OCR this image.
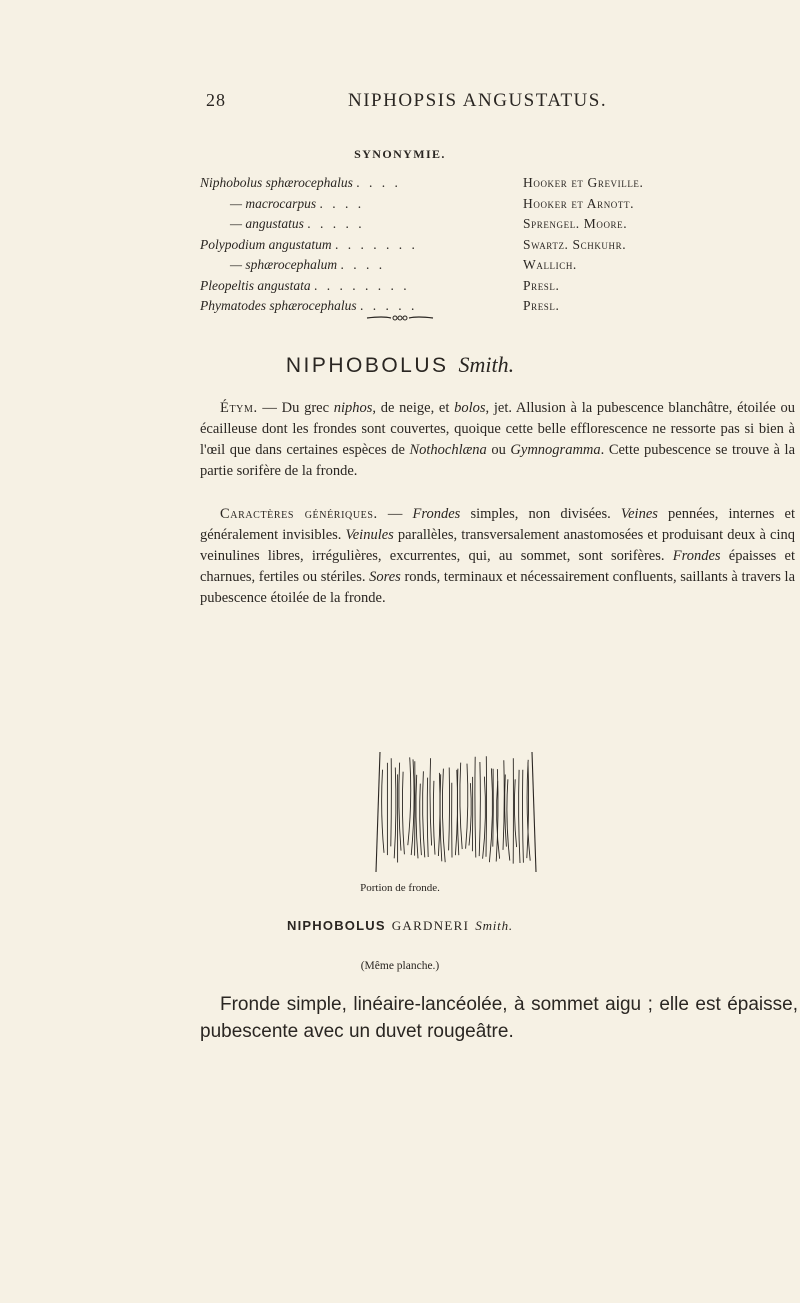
28	NIPHOPSIS ANGUSTATUS.
SYNONYMIE.
Niphobolus sphærocephalus . . . .	Hooker et Greville.
— macrocarpus . . . .	Hooker et Arnott.
— angustatus . . . . .	Sprengel. Moore.
Polypodium angustatum . . . . . . .	Swartz. Schkuhr.
— sphærocephalum . . . .	Wallich.
Pleopeltis angustata . . . . . . . .	Presl.
Phymatodes sphærocephalus . . . . .	Presl.
NIPHOBOLUS Smith.

Étym. — Du grec niphos, de neige, et bolos, jet. Allusion à la pubescence blanchâtre, étoilée ou écailleuse dont les frondes sont couvertes, quoique cette belle efflorescence ne ressorte pas si bien à l'œil que dans certaines espèces de Nothochlæna ou Gymnogramma. Cette pubescence se trouve à la partie sorifère de la fronde.

Caractères génériques. — Frondes simples, non divisées. Veines pennées, internes et généralement invisibles. Veinules parallèles, transversalement anastomosées et produisant deux à cinq veinulines libres, irrégulières, excurrentes, qui, au sommet, sont sorifères. Frondes épaisses et charnues, fertiles ou stériles. Sores ronds, terminaux et nécessairement confluents, saillants à travers la pubescence étoilée de la fronde.

Portion de fronde.
NIPHOBOLUS GARDNERI Smith.
(Même planche.)

Fronde simple, linéaire-lancéolée, à sommet aigu ; elle est épaisse, pubescente avec un duvet rougeâtre.
